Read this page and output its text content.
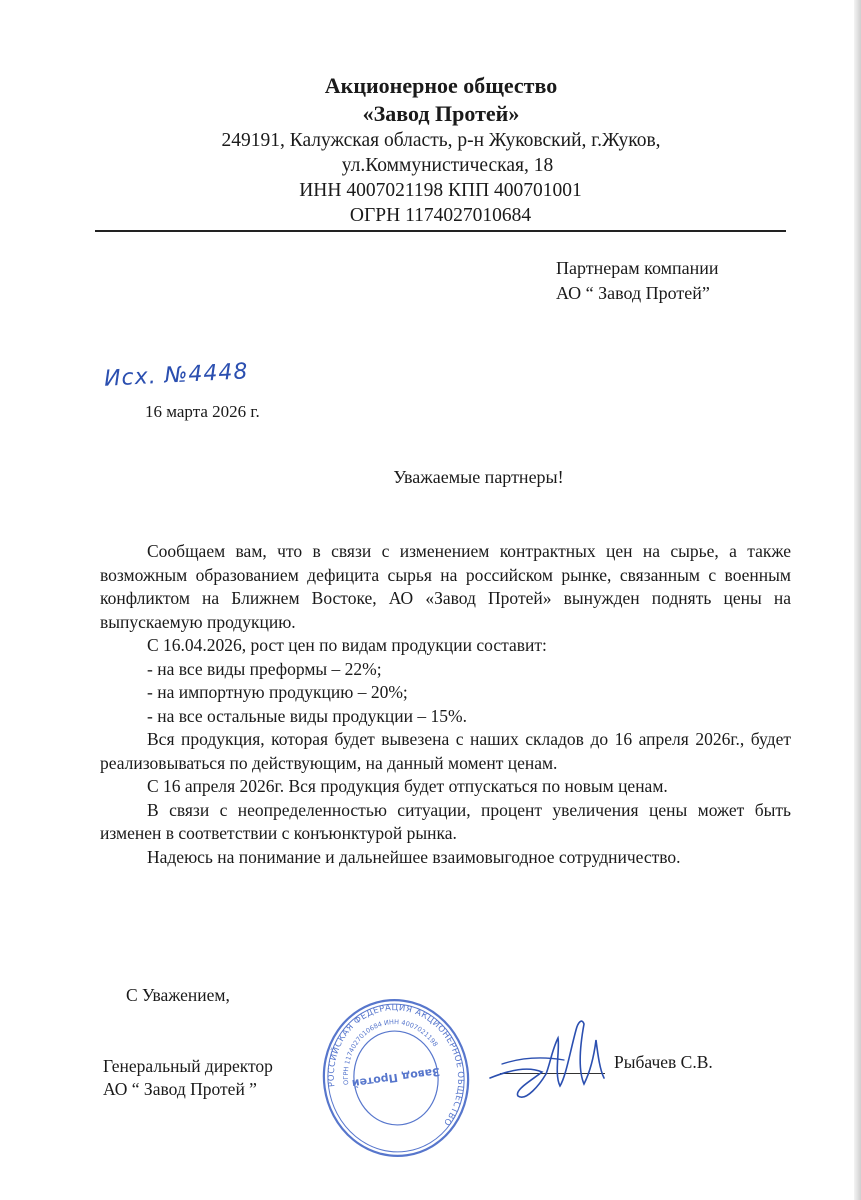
Акционерное общество
«Завод Протей»
249191, Калужская область, р-н Жуковский, г.Жуков,
ул.Коммунистическая, 18
ИНН 4007021198 КПП 400701001
ОГРН 1174027010684
Партнерам компании
АО “ Завод Протей”
Исх. №4448
16 марта 2026 г.
Уважаемые партнеры!

Сообщаем вам, что в связи с изменением контрактных цен на сырье, а также возможным образованием дефицита сырья на российском рынке, связанным с военным конфликтом на Ближнем Востоке, АО «Завод Протей» вынужден поднять цены на выпускаемую продукцию.

С 16.04.2026, рост цен по видам продукции составит:

- на все виды преформы – 22%;

- на импортную продукцию – 20%;

- на все остальные виды продукции – 15%.

Вся продукция, которая будет вывезена с наших складов до 16 апреля 2026г., будет реализовываться по действующим, на данный момент ценам.

С 16 апреля 2026г. Вся продукция будет отпускаться по новым ценам.

В связи с неопределенностью ситуации, процент увеличения цены может быть изменен в соответствии с конъюнктурой рынка.

Надеюсь на понимание и дальнейшее взаимовыгодное сотрудничество.

С Уважением,
Генеральный директор
АО “ Завод Протей ”	РОССИЙСКАЯ ФЕДЕРАЦИЯ АКЦИОНЕРНОЕ ОБЩЕСТВО
ОГРН 1174027010684 ИНН 4007021198
Завод Протей
Рыбачев С.В.
